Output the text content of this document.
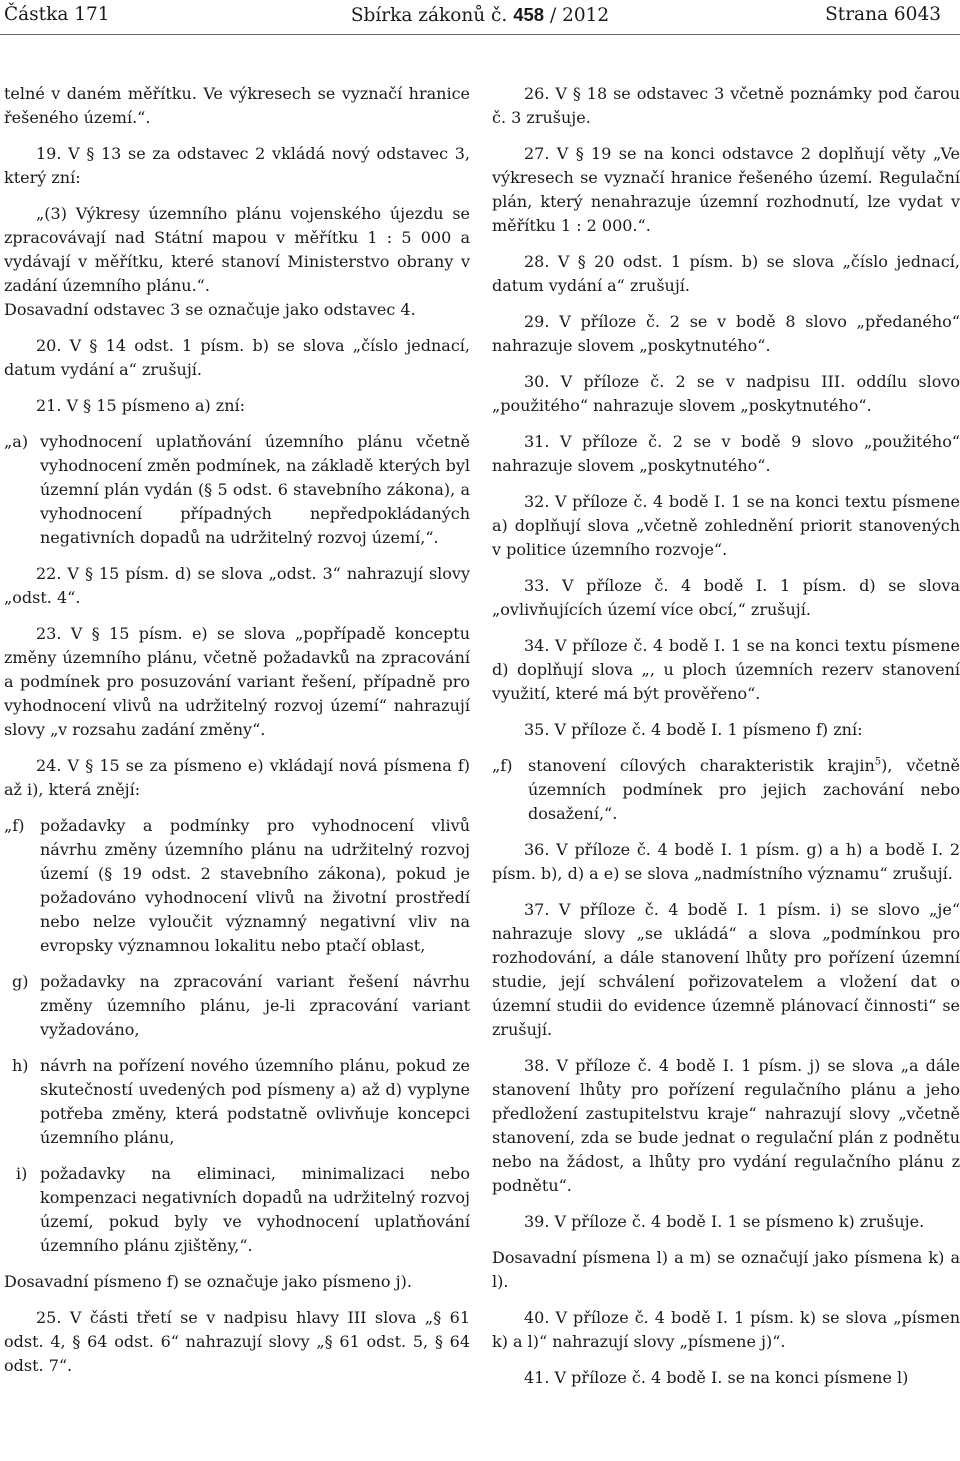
Částka 171	Sbírka zákonů č. 458 / 2012	Strana 6043

telné v daném měřítku. Ve výkresech se vyznačí hranice řešeného území.“.

19. V § 13 se za odstavec 2 vkládá nový odstavec 3, který zní:

„(3) Výkresy územního plánu vojenského újezdu se zpracovávají nad Státní mapou v měřítku 1 : 5 000 a vydávají v měřítku, které stanoví Ministerstvo obrany v zadání územního plánu.“.

Dosavadní odstavec 3 se označuje jako odstavec 4.

20. V § 14 odst. 1 písm. b) se slova „číslo jednací, datum vydání a“ zrušují.

21. V § 15 písmeno a) zní:

„a) vyhodnocení uplatňování územního plánu včetně vyhodnocení změn podmínek, na základě kterých byl územní plán vydán (§ 5 odst. 6 stavebního zákona), a vyhodnocení případných nepředpokládaných negativních dopadů na udržitelný rozvoj území,“.

22. V § 15 písm. d) se slova „odst. 3“ nahrazují slovy „odst. 4“.

23. V § 15 písm. e) se slova „popřípadě konceptu změny územního plánu, včetně požadavků na zpracování a podmínek pro posuzování variant řešení, případně pro vyhodnocení vlivů na udržitelný rozvoj území“ nahrazují slovy „v rozsahu zadání změny“.

24. V § 15 se za písmeno e) vkládají nová písmena f) až i), která znějí:

„f) požadavky a podmínky pro vyhodnocení vlivů návrhu změny územního plánu na udržitelný rozvoj území (§ 19 odst. 2 stavebního zákona), pokud je požadováno vyhodnocení vlivů na životní prostředí nebo nelze vyloučit významný negativní vliv na evropsky významnou lokalitu nebo ptačí oblast,
g) požadavky na zpracování variant řešení návrhu změny územního plánu, je-li zpracování variant vyžadováno,
h) návrh na pořízení nového územního plánu, pokud ze skutečností uvedených pod písmeny a) až d) vyplyne potřeba změny, která podstatně ovlivňuje koncepci územního plánu,
i) požadavky na eliminaci, minimalizaci nebo kompenzaci negativních dopadů na udržitelný rozvoj území, pokud byly ve vyhodnocení uplatňování územního plánu zjištěny,“.

Dosavadní písmeno f) se označuje jako písmeno j).

25. V části třetí se v nadpisu hlavy III slova „§ 61 odst. 4, § 64 odst. 6“ nahrazují slovy „§ 61 odst. 5, § 64 odst. 7“.

26. V § 18 se odstavec 3 včetně poznámky pod čarou č. 3 zrušuje.

27. V § 19 se na konci odstavce 2 doplňují věty „Ve výkresech se vyznačí hranice řešeného území. Regulační plán, který nenahrazuje územní rozhodnutí, lze vydat v měřítku 1 : 2 000.“.

28. V § 20 odst. 1 písm. b) se slova „číslo jednací, datum vydání a“ zrušují.

29. V příloze č. 2 se v bodě 8 slovo „předaného“ nahrazuje slovem „poskytnutého“.

30. V příloze č. 2 se v nadpisu III. oddílu slovo „použitého“ nahrazuje slovem „poskytnutého“.

31. V příloze č. 2 se v bodě 9 slovo „použitého“ nahrazuje slovem „poskytnutého“.

32. V příloze č. 4 bodě I. 1 se na konci textu písmene a) doplňují slova „včetně zohlednění priorit stanovených v politice územního rozvoje“.

33. V příloze č. 4 bodě I. 1 písm. d) se slova „ovlivňujících území více obcí,“ zrušují.

34. V příloze č. 4 bodě I. 1 se na konci textu písmene d) doplňují slova „, u ploch územních rezerv stanovení využití, které má být prověřeno“.

35. V příloze č. 4 bodě I. 1 písmeno f) zní:

„f) stanovení cílových charakteristik krajin$^5$), včetně územních podmínek pro jejich zachování nebo dosažení,“.

36. V příloze č. 4 bodě I. 1 písm. g) a h) a bodě I. 2 písm. b), d) a e) se slova „nadmístního významu“ zrušují.

37. V příloze č. 4 bodě I. 1 písm. i) se slovo „je“ nahrazuje slovy „se ukládá“ a slova „podmínkou pro rozhodování, a dále stanovení lhůty pro pořízení územní studie, její schválení pořizovatelem a vložení dat o územní studii do evidence územně plánovací činnosti“ se zrušují.

38. V příloze č. 4 bodě I. 1 písm. j) se slova „a dále stanovení lhůty pro pořízení regulačního plánu a jeho předložení zastupitelstvu kraje“ nahrazují slovy „včetně stanovení, zda se bude jednat o regulační plán z podnětu nebo na žádost, a lhůty pro vydání regulačního plánu z podnětu“.

39. V příloze č. 4 bodě I. 1 se písmeno k) zrušuje.

Dosavadní písmena l) a m) se označují jako písmena k) a l).

40. V příloze č. 4 bodě I. 1 písm. k) se slova „písmen k) a l)“ nahrazují slovy „písmene j)“.

41. V příloze č. 4 bodě I. se na konci písmene l)
